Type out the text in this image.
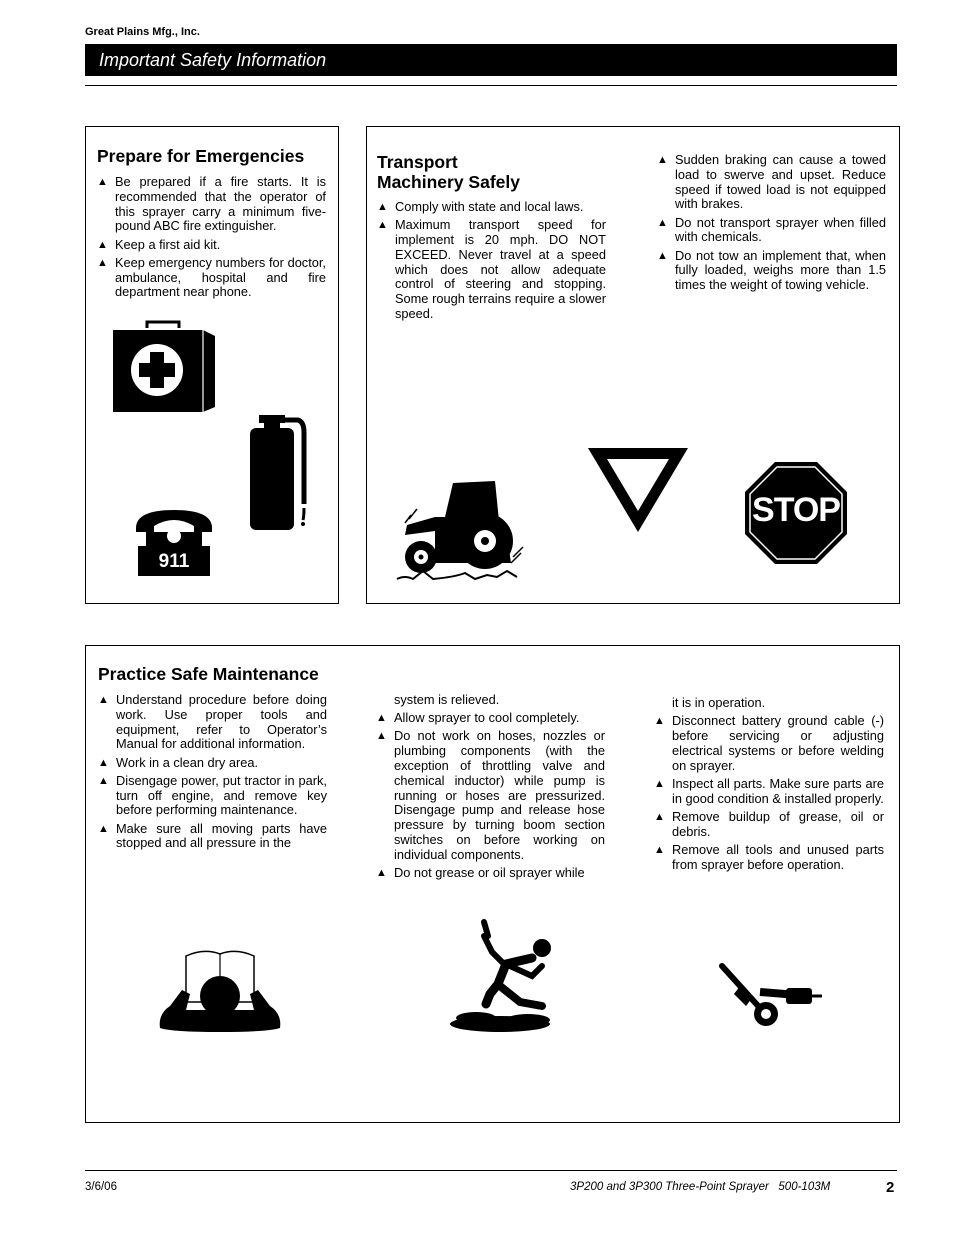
Great Plains Mfg., Inc.
Important Safety Information
Prepare for Emergencies
▲ Be prepared if a fire starts. It is recommended that the operator of this sprayer carry a minimum five-pound ABC fire extinguisher.
▲ Keep a first aid kit.
▲ Keep emergency numbers for doctor, ambulance, hospital and fire department near phone.
911
Transport
Machinery Safely
▲ Comply with state and local laws.
▲ Maximum transport speed for implement is 20 mph. DO NOT EXCEED. Never travel at a speed which does not allow adequate control of steering and stopping. Some rough terrains require a slower speed.
▲ Sudden braking can cause a towed load to swerve and upset. Reduce speed if towed load is not equipped with brakes.
▲ Do not transport sprayer when filled with chemicals.
▲ Do not tow an implement that, when fully loaded, weighs more than 1.5 times the weight of towing vehicle.
STOP
Practice Safe Maintenance
▲ Understand procedure before doing work. Use proper tools and equipment, refer to Operator’s Manual for additional information.
▲ Work in a clean dry area.
▲ Disengage power, put tractor in park, turn off engine, and remove key before performing maintenance.
▲ Make sure all moving parts have stopped and all pressure in the

system is relieved.

▲ Allow sprayer to cool completely.
▲ Do not work on hoses, nozzles or plumbing components (with the exception of throttling valve and chemical inductor) while pump is running or hoses are pressurized. Disengage pump and release hose pressure by turning boom section switches on before working on individual components.
▲ Do not grease or oil sprayer while

it is in operation.

▲ Disconnect battery ground cable (-) before servicing or adjusting electrical systems or before welding on sprayer.
▲ Inspect all parts. Make sure parts are in good condition & installed properly.
▲ Remove buildup of grease, oil or debris.
▲ Remove all tools and unused parts from sprayer before operation.
3/6/06	3P200 and 3P300 Three-Point Sprayer   500-103M	2
